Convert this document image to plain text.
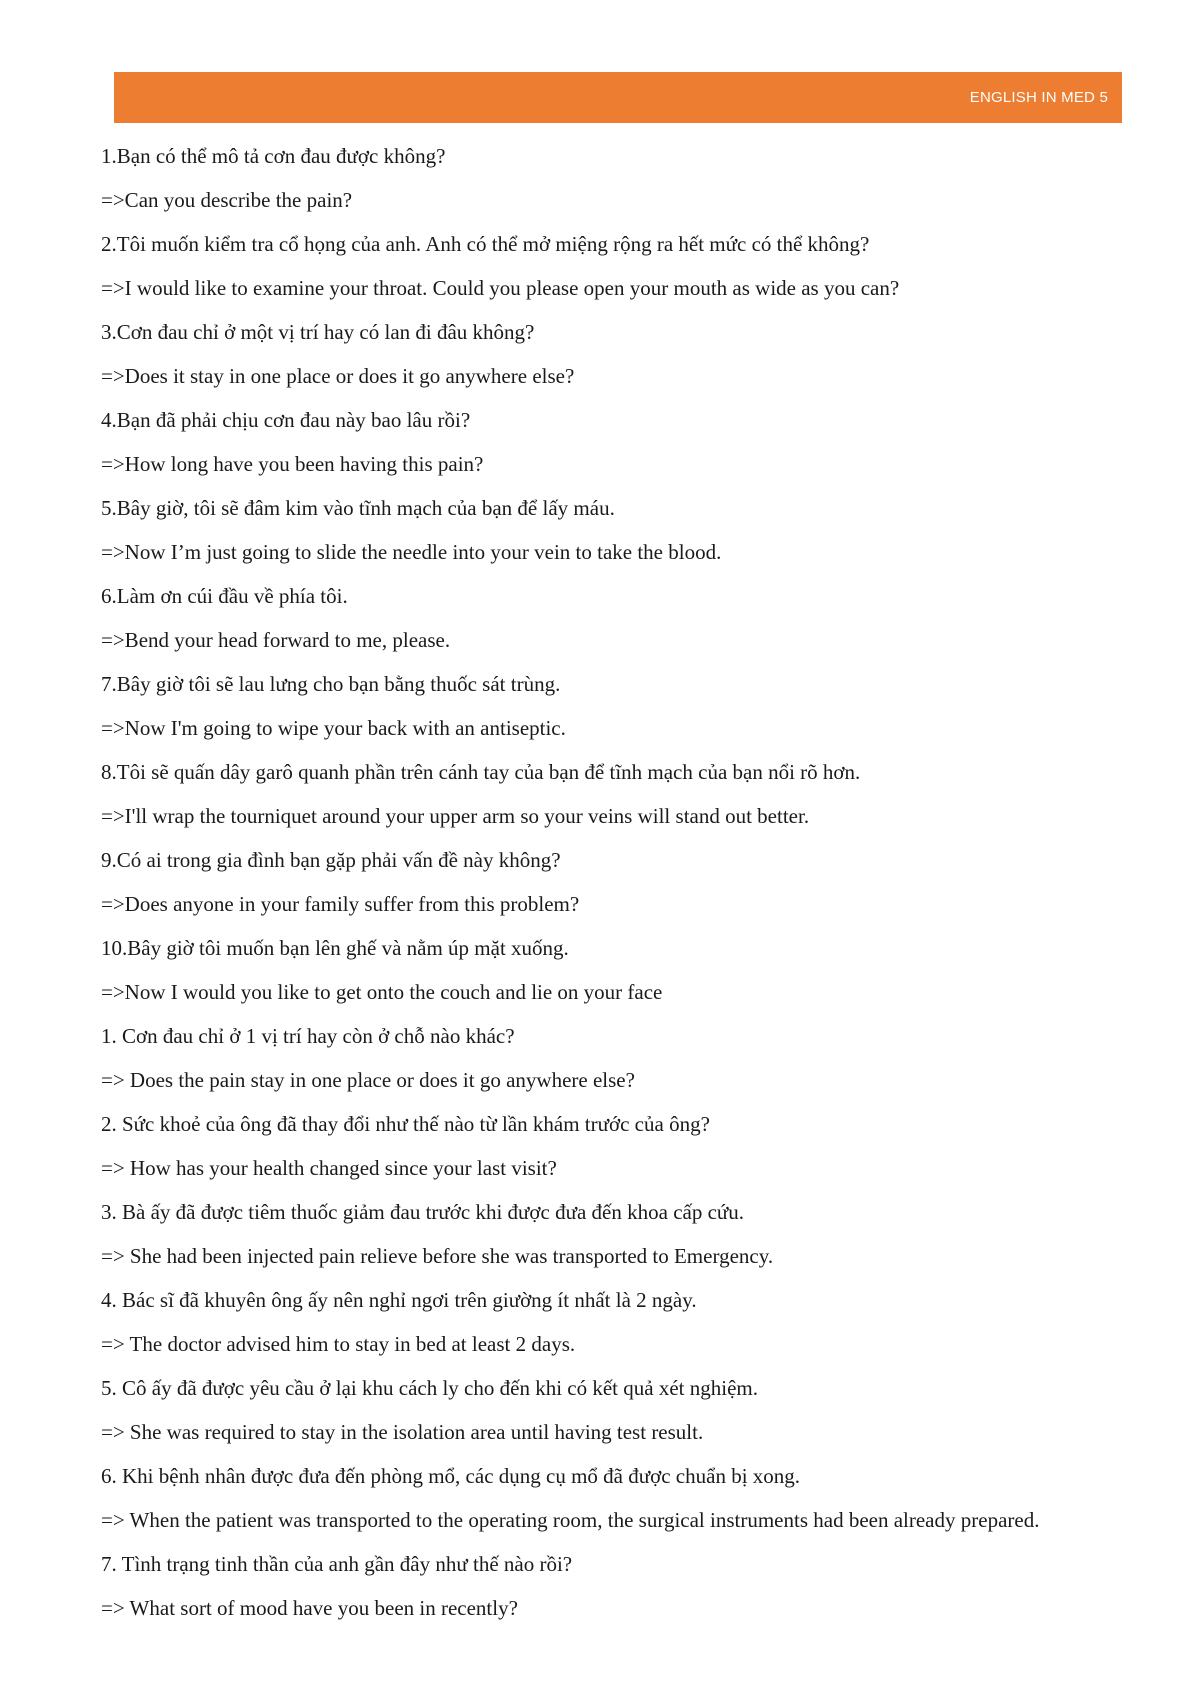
ENGLISH IN MED 5

1.Bạn có thể mô tả cơn đau được không?

=>Can you describe the pain?

2.Tôi muốn kiểm tra cổ họng của anh. Anh có thể mở miệng rộng ra hết mức có thể không?

=>I would like to examine your throat. Could you please open your mouth as wide as you can?

3.Cơn đau chỉ ở một vị trí hay có lan đi đâu không?

=>Does it stay in one place or does it go anywhere else?

4.Bạn đã phải chịu cơn đau này bao lâu rồi?

=>How long have you been having this pain?

5.Bây giờ, tôi sẽ đâm kim vào tĩnh mạch của bạn để lấy máu.

=>Now I’m just going to slide the needle into your vein to take the blood.

6.Làm ơn cúi đầu về phía tôi.

=>Bend your head forward to me, please.

7.Bây giờ tôi sẽ lau lưng cho bạn bằng thuốc sát trùng.

=>Now I'm going to wipe your back with an antiseptic.

8.Tôi sẽ quấn dây garô quanh phần trên cánh tay của bạn để tĩnh mạch của bạn nổi rõ hơn.

=>I'll wrap the tourniquet around your upper arm so your veins will stand out better.

9.Có ai trong gia đình bạn gặp phải vấn đề này không?

=>Does anyone in your family suffer from this problem?

10.Bây giờ tôi muốn bạn lên ghế và nằm úp mặt xuống.

=>Now I would you like to get onto the couch and lie on your face

1. Cơn đau chỉ ở 1 vị trí hay còn ở chỗ nào khác?

=> Does the pain stay in one place or does it go anywhere else?

2. Sức khoẻ của ông đã thay đổi như thế nào từ lần khám trước của ông?

=> How has your health changed since your last visit?

3. Bà ấy đã được tiêm thuốc giảm đau trước khi được đưa đến khoa cấp cứu.

=> She had been injected pain relieve before she was transported to Emergency.

4. Bác sĩ đã khuyên ông ấy nên nghỉ ngơi trên giường ít nhất là 2 ngày.

=> The doctor advised him to stay in bed at least 2 days.

5. Cô ấy đã được yêu cầu ở lại khu cách ly cho đến khi có kết quả xét nghiệm.

=> She was required to stay in the isolation area until having test result.

6. Khi bệnh nhân được đưa đến phòng mổ, các dụng cụ mổ đã được chuẩn bị xong.

=> When the patient was transported to the operating room, the surgical instruments had been already prepared.

7. Tình trạng tinh thần của anh gần đây như thế nào rồi?

=> What sort of mood have you been in recently?
